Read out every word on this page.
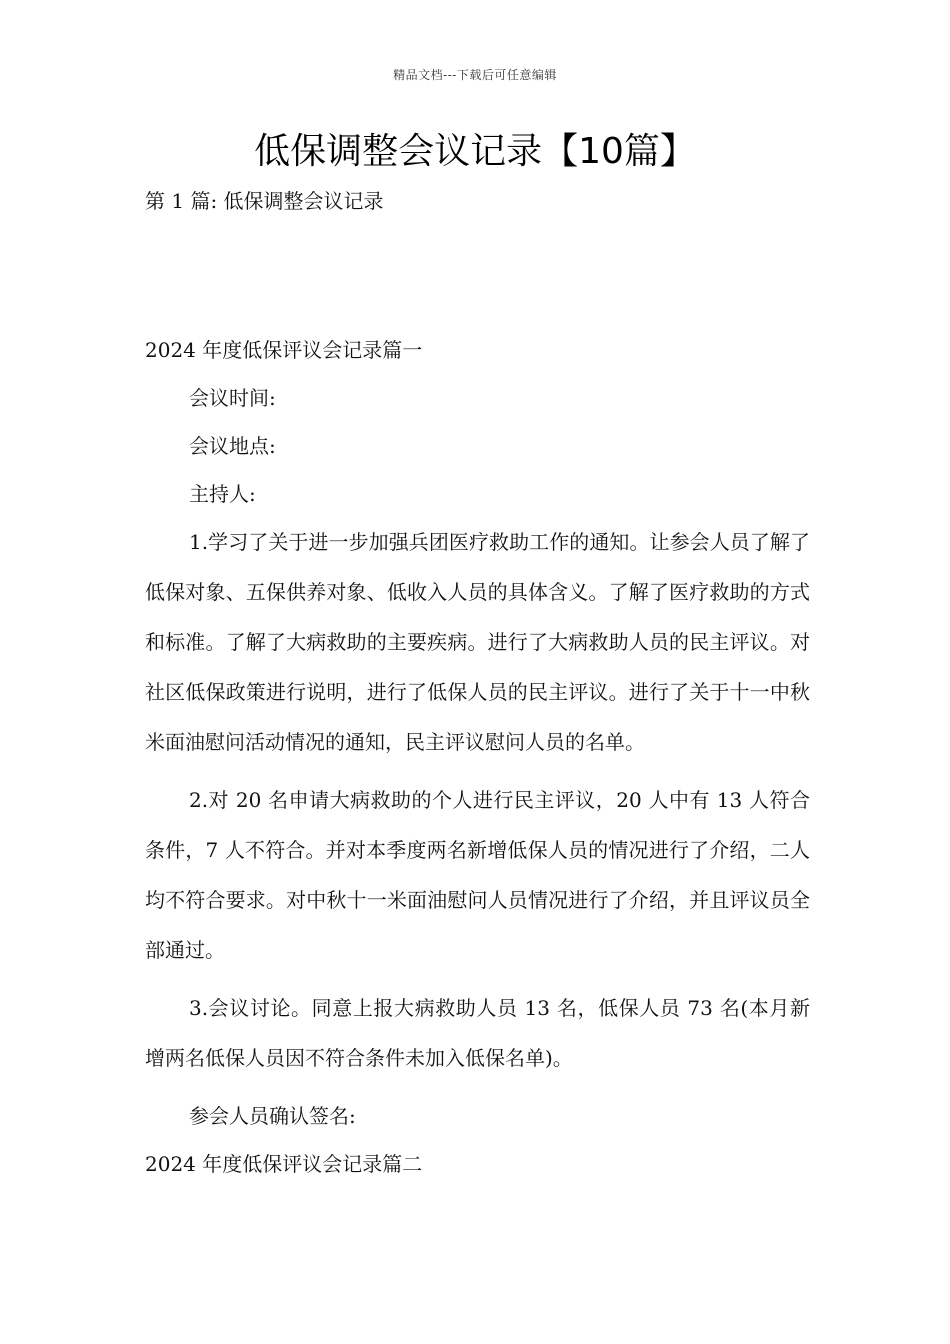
精品文档---下载后可任意编辑
低保调整会议记录【10篇】

第 1 篇: 低保调整会议记录

2024 年度低保评议会记录篇一

会议时间:

会议地点:

主持人:

1.学习了关于进一步加强兵团医疗救助工作的通知。让参会人员了解了低保对象、五保供养对象、低收入人员的具体含义。了解了医疗救助的方式和标准。了解了大病救助的主要疾病。进行了大病救助人员的民主评议。对社区低保政策进行说明，进行了低保人员的民主评议。进行了关于十一中秋米面油慰问活动情况的通知，民主评议慰问人员的名单。

2.对 20 名申请大病救助的个人进行民主评议，20 人中有 13 人符合条件，7 人不符合。并对本季度两名新增低保人员的情况进行了介绍，二人均不符合要求。对中秋十一米面油慰问人员情况进行了介绍，并且评议员全部通过。

3.会议讨论。同意上报大病救助人员 13 名，低保人员 73 名(本月新增两名低保人员因不符合条件未加入低保名单)。

参会人员确认签名:

2024 年度低保评议会记录篇二
